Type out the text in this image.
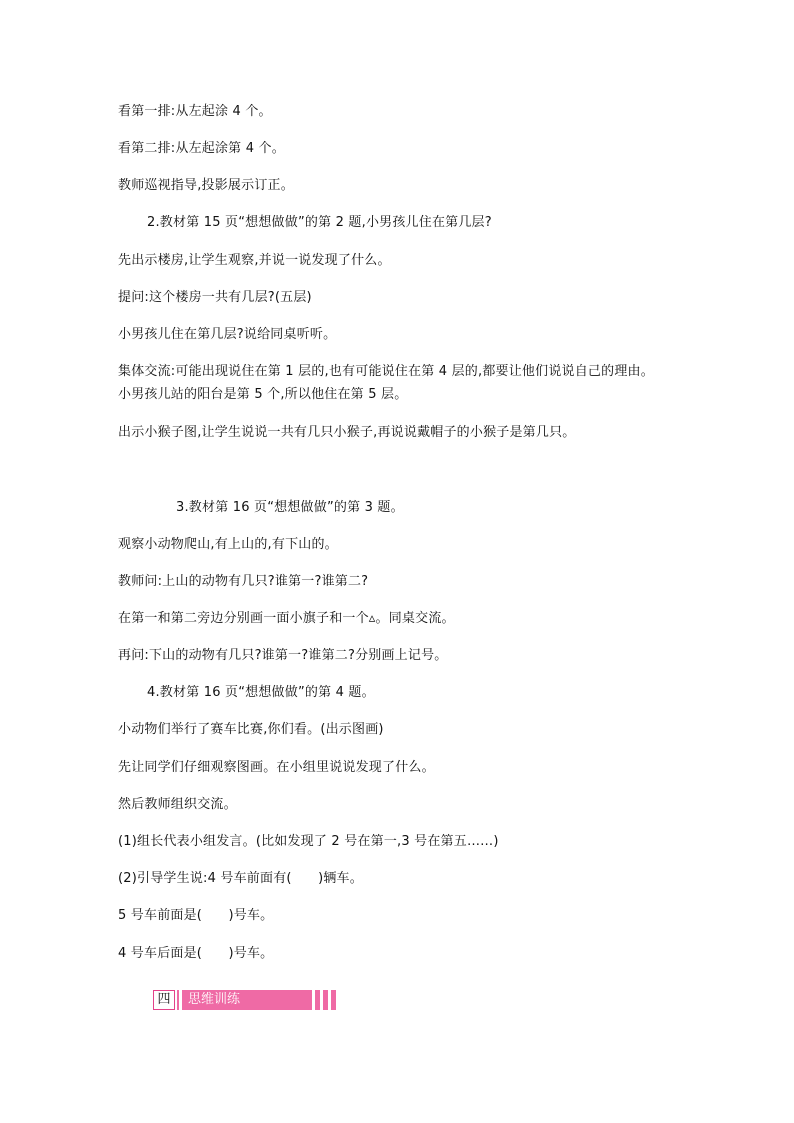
看第一排:从左起涂 4 个。
看第二排:从左起涂第 4 个。
教师巡视指导,投影展示订正。
2.教材第 15 页“想想做做”的第 2 题,小男孩儿住在第几层?
先出示楼房,让学生观察,并说一说发现了什么。
提问:这个楼房一共有几层?(五层)
小男孩儿住在第几层?说给同桌听听。
集体交流:可能出现说住在第 1 层的,也有可能说住在第 4 层的,都要让他们说说自己的理由。
小男孩儿站的阳台是第 5 个,所以他住在第 5 层。
出示小猴子图,让学生说说一共有几只小猴子,再说说戴帽子的小猴子是第几只。
3.教材第 16 页“想想做做”的第 3 题。
观察小动物爬山,有上山的,有下山的。
教师问:上山的动物有几只?谁第一?谁第二?
在第一和第二旁边分别画一面小旗子和一个▵。同桌交流。
再问:下山的动物有几只?谁第一?谁第二?分别画上记号。
4.教材第 16 页“想想做做”的第 4 题。
小动物们举行了赛车比赛,你们看。(出示图画)
先让同学们仔细观察图画。在小组里说说发现了什么。
然后教师组织交流。
(1)组长代表小组发言。(比如发现了 2 号在第一,3 号在第五……)
(2)引导学生说:4 号车前面有(　　)辆车。
5 号车前面是(　　)号车。
4 号车后面是(　　)号车。
四	思维训练
